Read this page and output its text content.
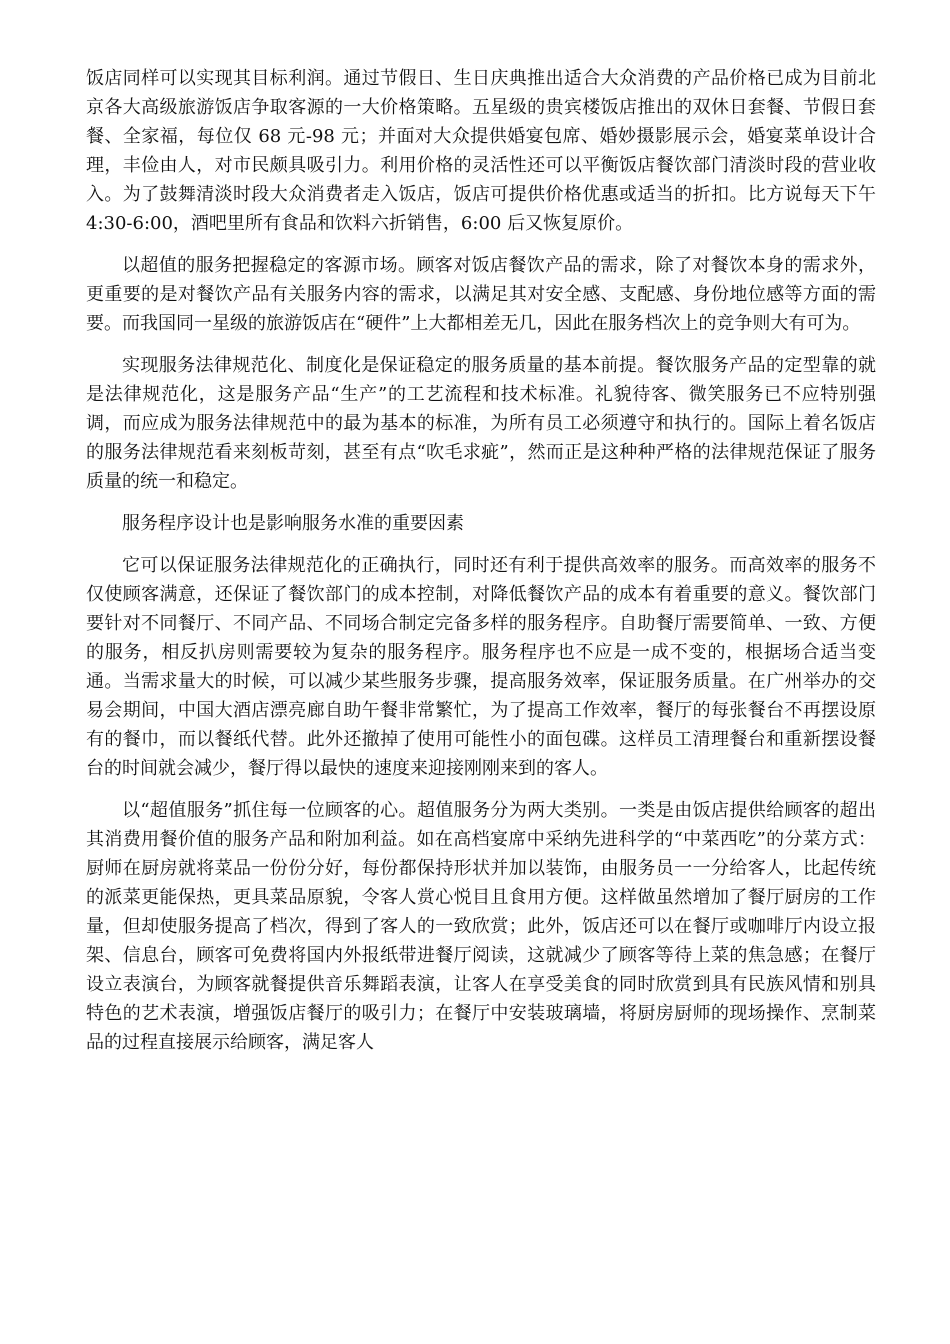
饭店同样可以实现其目标利润。通过节假日、生日庆典推出适合大众消费的产品价格已成为目前北京各大高级旅游饭店争取客源的一大价格策略。五星级的贵宾楼饭店推出的双休日套餐、节假日套餐、全家福，每位仅 68 元-98 元；并面对大众提供婚宴包席、婚妙摄影展示会，婚宴菜单设计合理，丰俭由人，对市民颇具吸引力。利用价格的灵活性还可以平衡饭店餐饮部门清淡时段的营业收入。为了鼓舞清淡时段大众消费者走入饭店，饭店可提供价格优惠或适当的折扣。比方说每天下午 4:30-6:00，酒吧里所有食品和饮料六折销售，6:00 后又恢复原价。

以超值的服务把握稳定的客源市场。顾客对饭店餐饮产品的需求，除了对餐饮本身的需求外，更重要的是对餐饮产品有关服务内容的需求，以满足其对安全感、支配感、身份地位感等方面的需要。而我国同一星级的旅游饭店在“硬件”上大都相差无几，因此在服务档次上的竞争则大有可为。

实现服务法律规范化、制度化是保证稳定的服务质量的基本前提。餐饮服务产品的定型靠的就是法律规范化，这是服务产品“生产”的工艺流程和技术标准。礼貌待客、微笑服务已不应特别强调，而应成为服务法律规范中的最为基本的标准，为所有员工必须遵守和执行的。国际上着名饭店的服务法律规范看来刻板苛刻，甚至有点“吹毛求疵”，然而正是这种种严格的法律规范保证了服务质量的统一和稳定。

服务程序设计也是影响服务水准的重要因素

它可以保证服务法律规范化的正确执行，同时还有利于提供高效率的服务。而高效率的服务不仅使顾客满意，还保证了餐饮部门的成本控制，对降低餐饮产品的成本有着重要的意义。餐饮部门要针对不同餐厅、不同产品、不同场合制定完备多样的服务程序。自助餐厅需要简单、一致、方便的服务，相反扒房则需要较为复杂的服务程序。服务程序也不应是一成不变的，根据场合适当变通。当需求量大的时候，可以减少某些服务步骤，提高服务效率，保证服务质量。在广州举办的交易会期间，中国大酒店漂亮廊自助午餐非常繁忙，为了提高工作效率，餐厅的每张餐台不再摆设原有的餐巾，而以餐纸代替。此外还撤掉了使用可能性小的面包碟。这样员工清理餐台和重新摆设餐台的时间就会减少，餐厅得以最快的速度来迎接刚刚来到的客人。

以“超值服务”抓住每一位顾客的心。超值服务分为两大类别。一类是由饭店提供给顾客的超出其消费用餐价值的服务产品和附加利益。如在高档宴席中采纳先进科学的“中菜西吃”的分菜方式：厨师在厨房就将菜品一份份分好，每份都保持形状并加以装饰，由服务员一一分给客人，比起传统的派菜更能保热，更具菜品原貌，令客人赏心悦目且食用方便。这样做虽然增加了餐厅厨房的工作量，但却使服务提高了档次，得到了客人的一致欣赏；此外，饭店还可以在餐厅或咖啡厅内设立报架、信息台，顾客可免费将国内外报纸带进餐厅阅读，这就减少了顾客等待上菜的焦急感；在餐厅设立表演台，为顾客就餐提供音乐舞蹈表演，让客人在享受美食的同时欣赏到具有民族风情和别具特色的艺术表演，增强饭店餐厅的吸引力；在餐厅中安装玻璃墙，将厨房厨师的现场操作、烹制菜品的过程直接展示给顾客，满足客人
